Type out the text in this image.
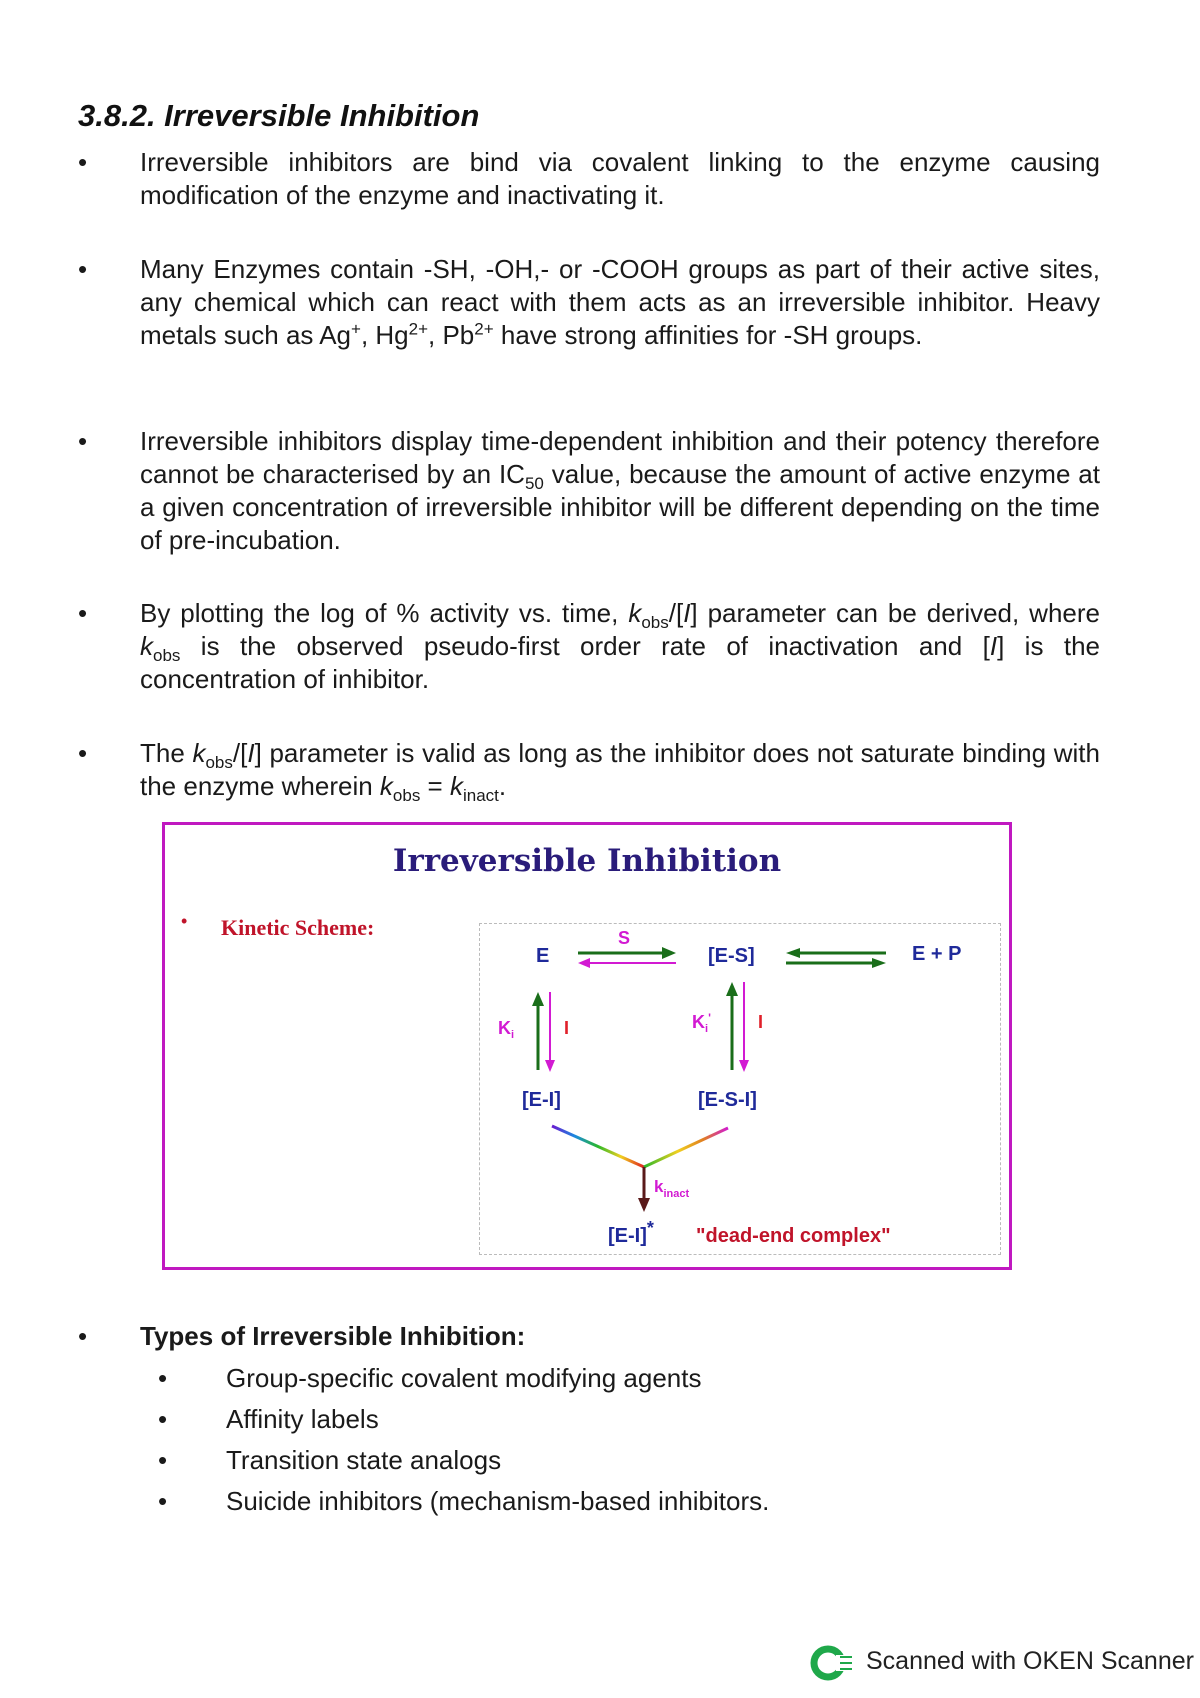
3.8.2. Irreversible Inhibition
• Irreversible inhibitors are bind via covalent linking to the enzyme causing modification of the enzyme and inactivating it.
• Many Enzymes contain -SH, -OH,- or -COOH groups as part of their active sites, any chemical which can react with them acts as an irreversible inhibitor. Heavy metals such as Ag+, $Hg^{2+}$, $Pb^{2+}$ have strong affinities for -SH groups.
• Irreversible inhibitors display time-dependent inhibition and their potency therefore cannot be characterised by an $IC_{50}$ value, because the amount of active enzyme at a given concentration of irreversible inhibitor will be different depending on the time of pre-incubation.
• By plotting the log of % activity vs. time, $k_{obs}/[I]$ parameter can be derived, where $k_{obs}$ is the observed pseudo-first order rate of inactivation and [I] is the concentration of inhibitor.
• The $k_{obs}/[I]$ parameter is valid as long as the inhibitor does not saturate binding with the enzyme wherein $k_{obs} = k_{inact}$.
Irreversible Inhibition
• Kinetic Scheme:
E
S
[E-S]	E + P
$K_i$	I	$K_i'$	I
[E-I]	[E-S-I]
$k_{inact}$
[E-I]* "dead-end complex"
• Types of Irreversible Inhibition:
• Group-specific covalent modifying agents
• Affinity labels
• Transition state analogs
• Suicide inhibitors (mechanism-based inhibitors.
Scanned with OKEN Scanner
